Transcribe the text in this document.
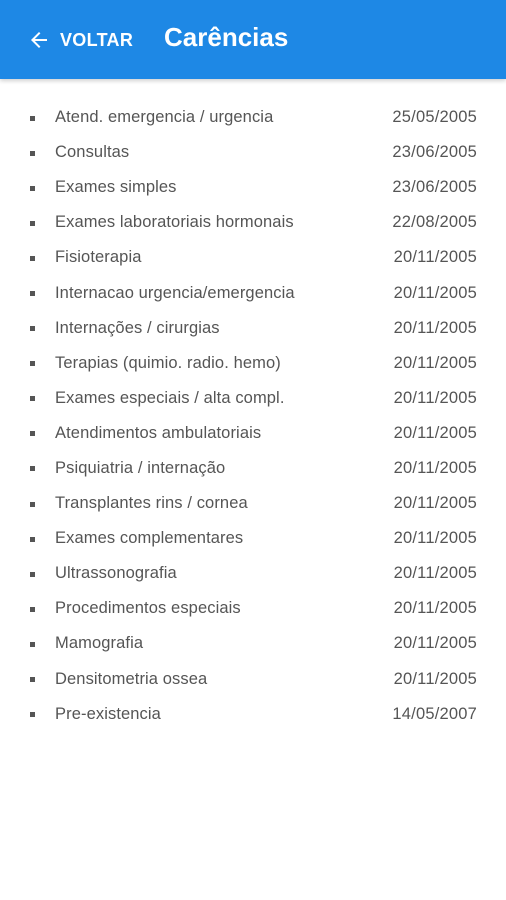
VOLTAR Carências
Atend. emergencia / urgencia	25/05/2005
Consultas	23/06/2005
Exames simples	23/06/2005
Exames laboratoriais hormonais	22/08/2005
Fisioterapia	20/11/2005
Internacao urgencia/emergencia	20/11/2005
Internações / cirurgias	20/11/2005
Terapias (quimio. radio. hemo)	20/11/2005
Exames especiais / alta compl.	20/11/2005
Atendimentos ambulatoriais	20/11/2005
Psiquiatria / internação	20/11/2005
Transplantes rins / cornea	20/11/2005
Exames complementares	20/11/2005
Ultrassonografia	20/11/2005
Procedimentos especiais	20/11/2005
Mamografia	20/11/2005
Densitometria ossea	20/11/2005
Pre-existencia	14/05/2007
